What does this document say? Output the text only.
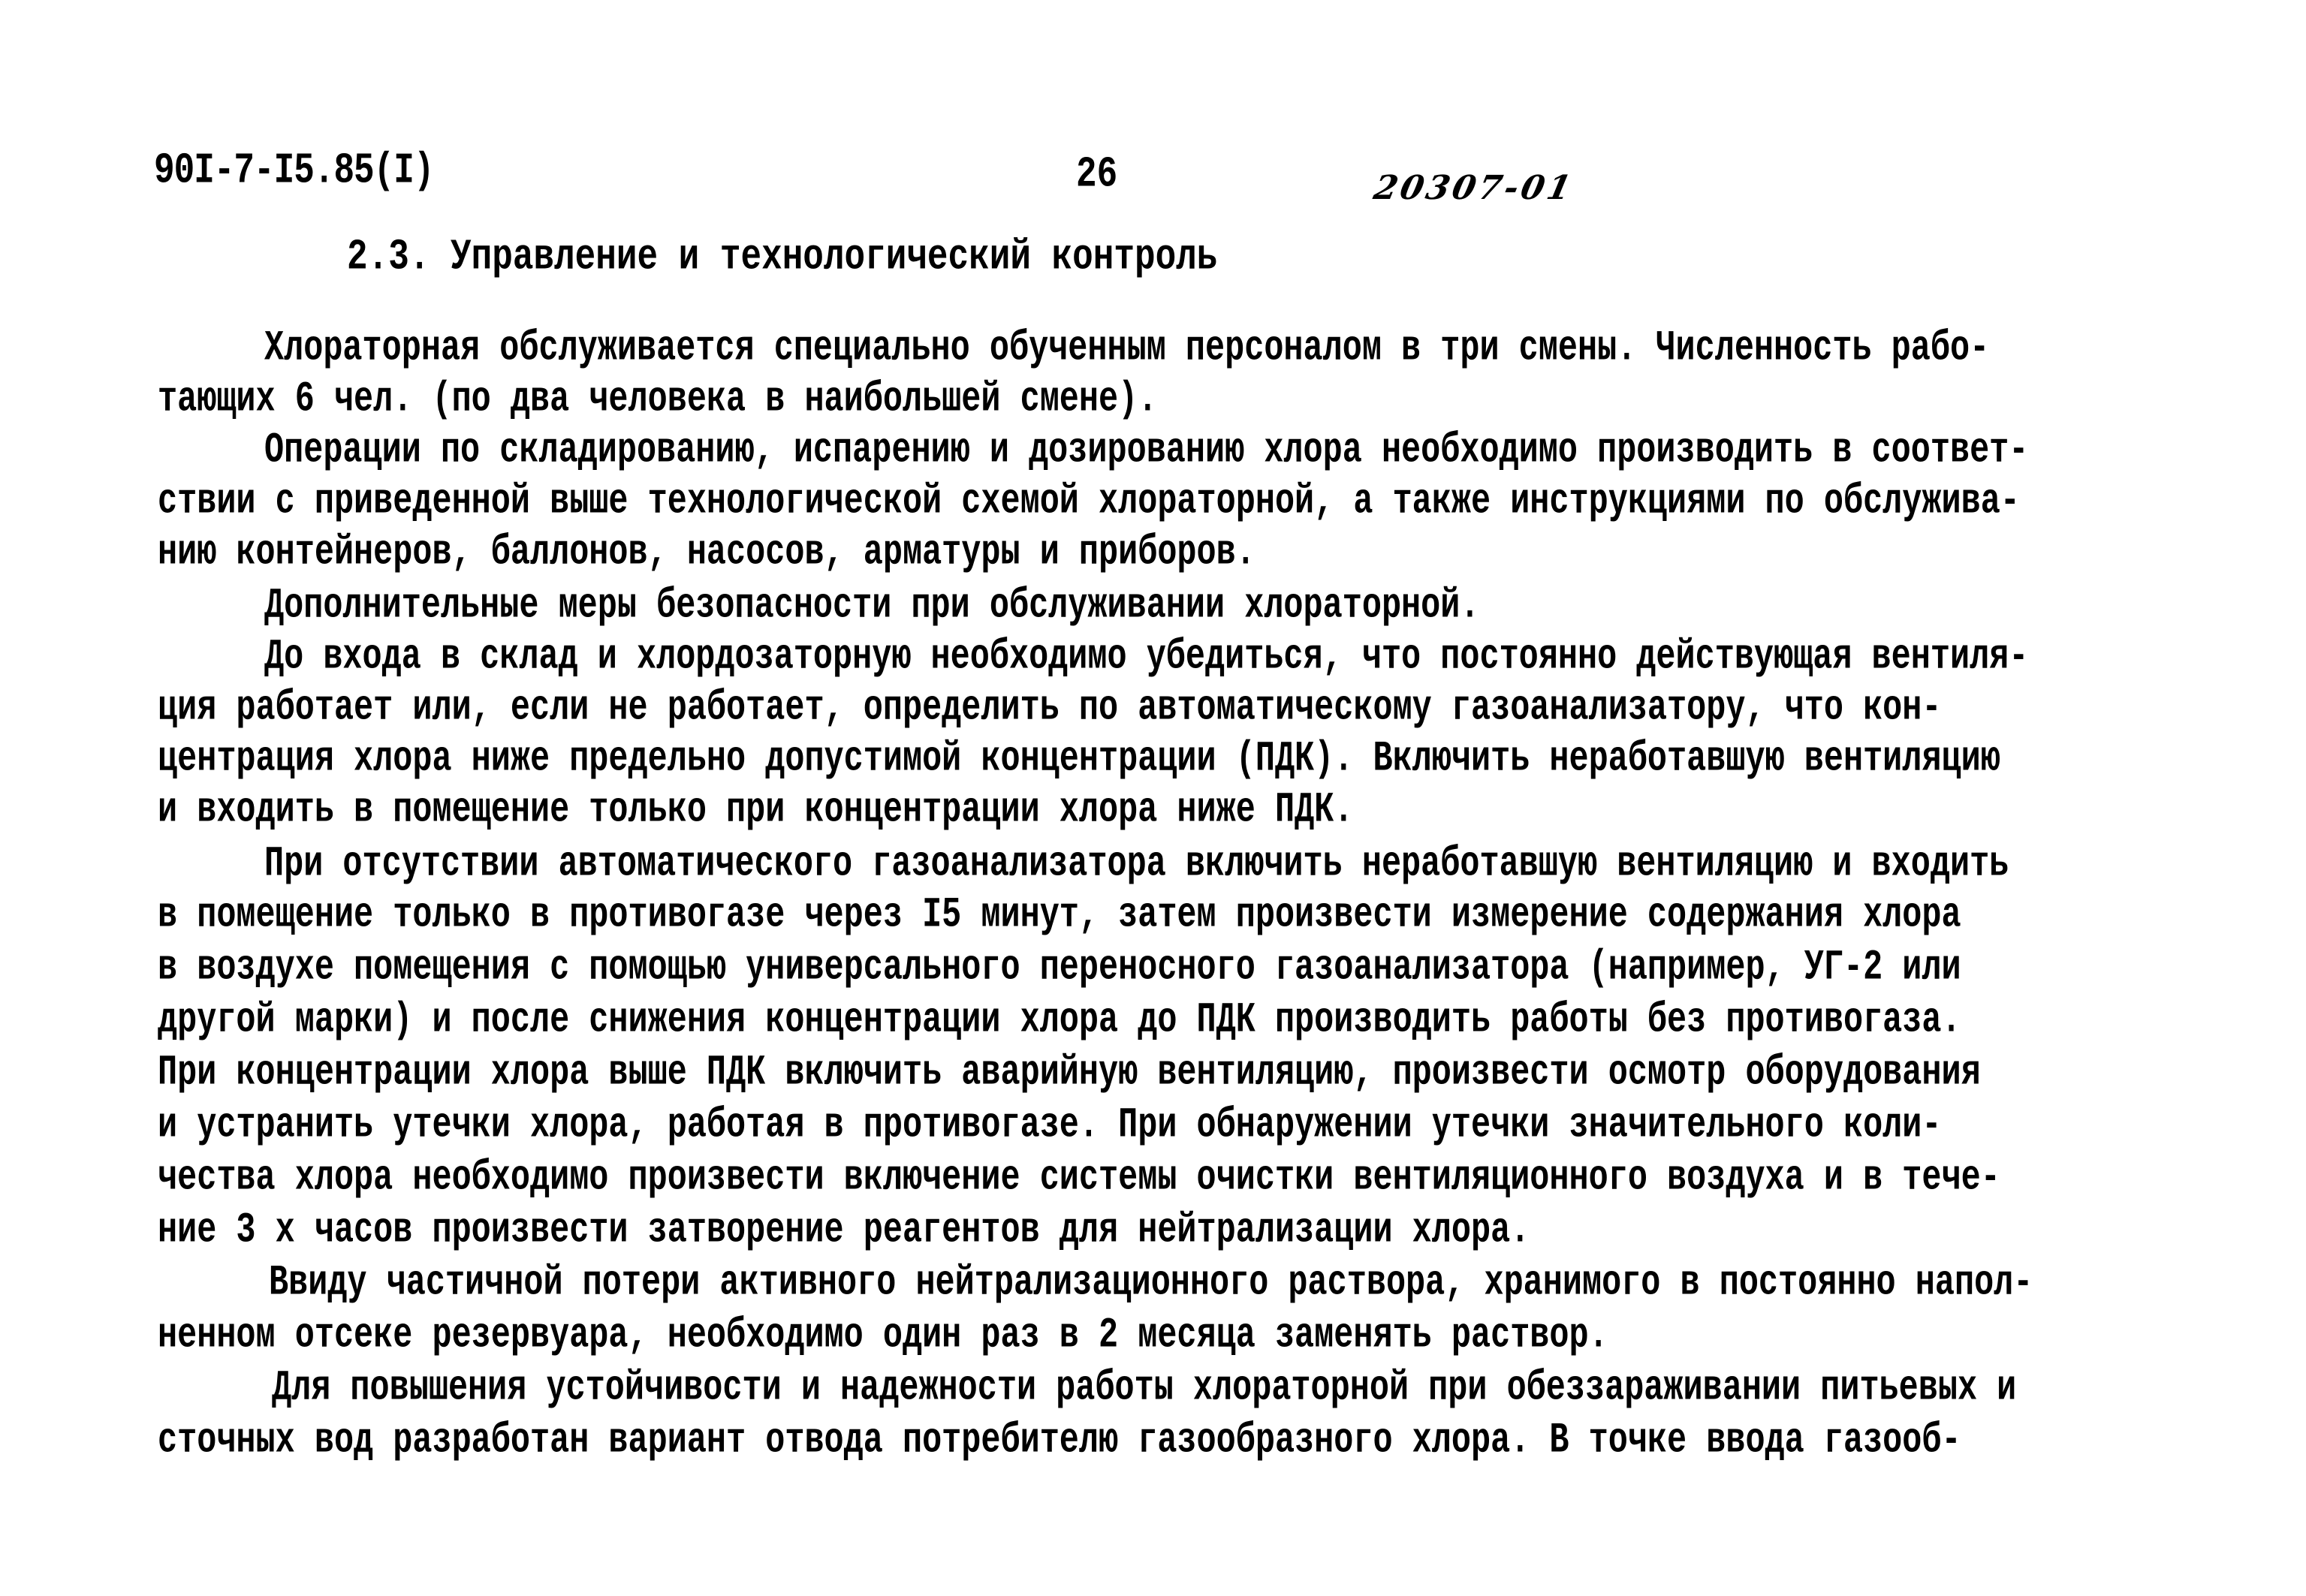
90I-7-I5.85(I)	26	20307-01
2.3. Управление и технологический контроль
Хлораторная обслуживается специально обученным персоналом в три смены. Численность рабо-
тающих 6 чел. (по два человека в наибольшей смене).
Операции по складированию, испарению и дозированию хлора необходимо производить в соответ-
ствии с приведенной выше технологической схемой хлораторной, а также инструкциями по обслужива-
нию контейнеров, баллонов, насосов, арматуры и приборов.
Дополнительные меры безопасности при обслуживании хлораторной.
До входа в склад и хлордозаторную необходимо убедиться, что постоянно действующая вентиля-
ция работает или, если не работает, определить по автоматическому газоанализатору, что кон-
центрация хлора ниже предельно допустимой концентрации (ПДК). Включить неработавшую вентиляцию
и входить в помещение только при концентрации хлора ниже ПДК.
При отсутствии автоматического газоанализатора включить неработавшую вентиляцию и входить
в помещение только в противогазе через I5 минут, затем произвести измерение содержания хлора
в воздухе помещения с помощью универсального переносного газоанализатора (например, УГ-2 или
другой марки) и после снижения концентрации хлора до ПДК производить работы без противогаза.
При концентрации хлора выше ПДК включить аварийную вентиляцию, произвести осмотр оборудования
и устранить утечки хлора, работая в противогазе. При обнаружении утечки значительного коли-
чества хлора необходимо произвести включение системы очистки вентиляционного воздуха и в тече-
ние 3 х часов произвести затворение реагентов для нейтрализации хлора.
Ввиду частичной потери активного нейтрализационного раствора, хранимого в постоянно напол-
ненном отсеке резервуара, необходимо один раз в 2 месяца заменять раствор.
Для повышения устойчивости и надежности работы хлораторной при обеззараживании питьевых и
сточных вод разработан вариант отвода потребителю газообразного хлора. В точке ввода газооб-
